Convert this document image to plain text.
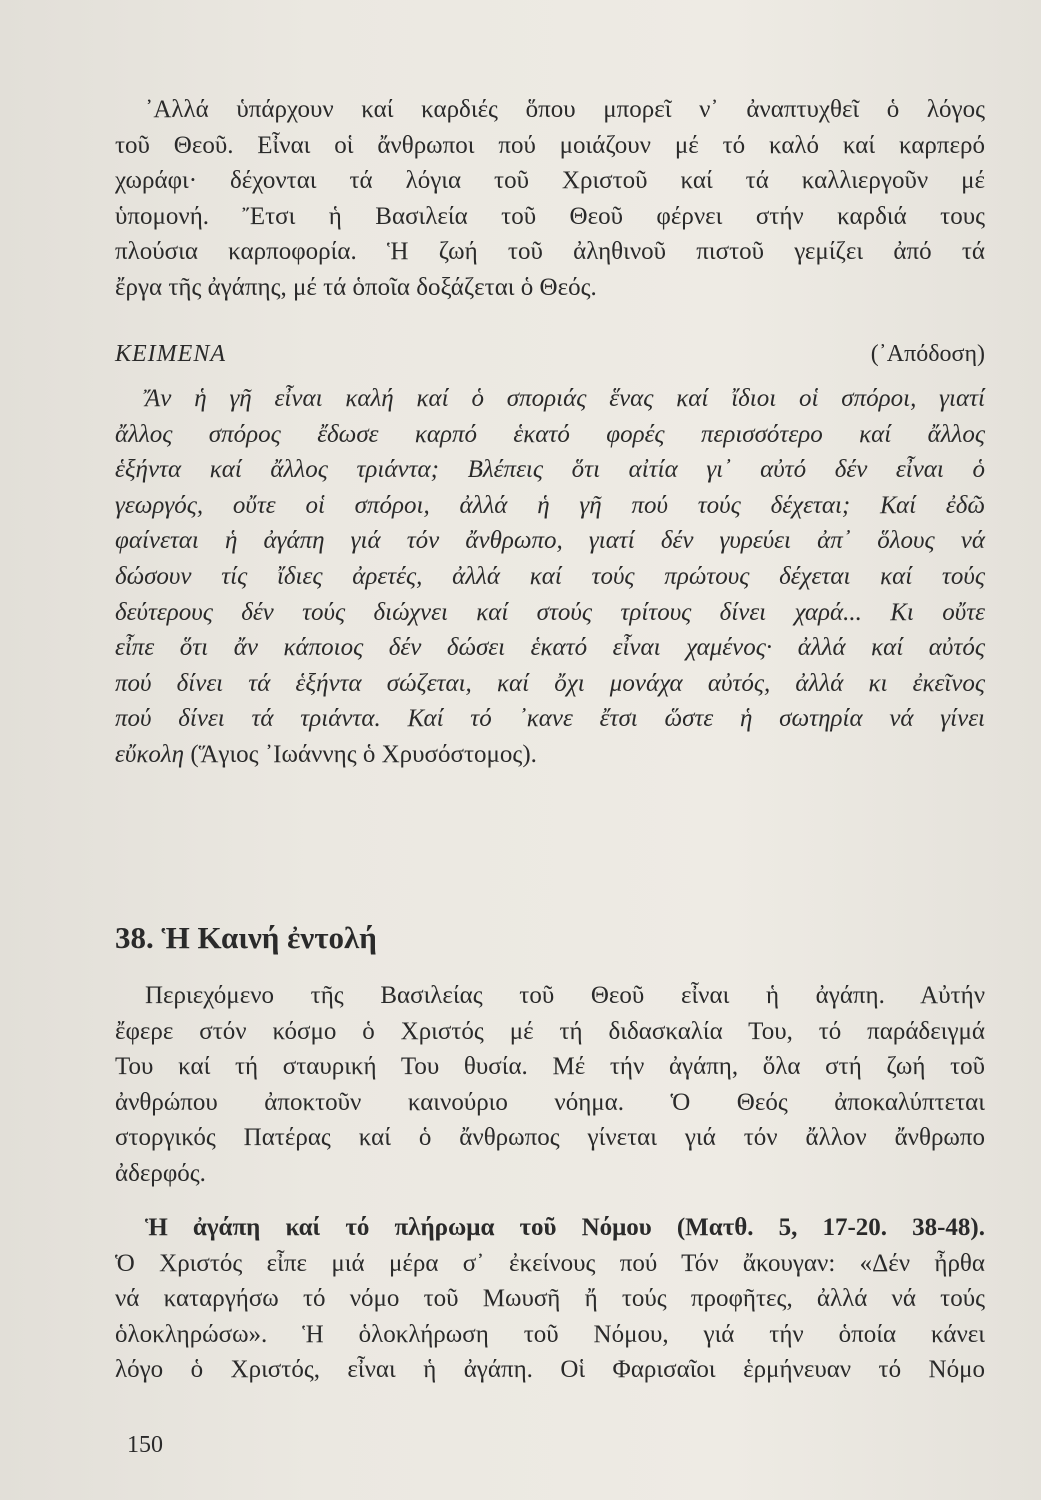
᾿Αλλά ὑπάρχουν καί καρδιές ὅπου μπορεῖ ν᾿ ἀναπτυχθεῖ ὁ λόγος
τοῦ Θεοῦ. Εἶναι οἱ ἄνθρωποι πού μοιάζουν μέ τό καλό καί καρπερό
χωράφι· δέχονται τά λόγια τοῦ Χριστοῦ καί τά καλλιεργοῦν μέ
ὑπομονή. Ἔτσι ἡ Βασιλεία τοῦ Θεοῦ φέρνει στήν καρδιά τους
πλούσια καρποφορία. Ἡ ζωή τοῦ ἀληθινοῦ πιστοῦ γεμίζει ἀπό τά
ἔργα τῆς ἀγάπης, μέ τά ὁποῖα δοξάζεται ὁ Θεός.
ΚΕΙΜΕΝΑ	(᾿Απόδοση)
Ἄν ἡ γῆ εἶναι καλή καί ὁ σποριάς ἕνας καί ἴδιοι οἱ σπόροι, γιατί
ἄλλος σπόρος ἔδωσε καρπό ἑκατό φορές περισσότερο καί ἄλλος
ἑξήντα καί ἄλλος τριάντα; Βλέπεις ὅτι αἰτία γι᾿ αὐτό δέν εἶναι ὁ
γεωργός, οὔτε οἱ σπόροι, ἀλλά ἡ γῆ πού τούς δέχεται; Καί ἐδῶ
φαίνεται ἡ ἀγάπη γιά τόν ἄνθρωπο, γιατί δέν γυρεύει ἀπ᾿ ὅλους νά
δώσουν τίς ἴδιες ἀρετές, ἀλλά καί τούς πρώτους δέχεται καί τούς
δεύτερους δέν τούς διώχνει καί στούς τρίτους δίνει χαρά... Κι οὔτε
εἶπε ὅτι ἄν κάποιος δέν δώσει ἑκατό εἶναι χαμένος· ἀλλά καί αὐτός
πού δίνει τά ἑξήντα σώζεται, καί ὄχι μονάχα αὐτός, ἀλλά κι ἐκεῖνος
πού δίνει τά τριάντα. Καί τό ᾿κανε ἔτσι ὥστε ἡ σωτηρία νά γίνει
εὔκολη (Ἅγιος ᾿Ιωάννης ὁ Χρυσόστομος).
38. Ἡ Καινή ἐντολή
Περιεχόμενο τῆς Βασιλείας τοῦ Θεοῦ εἶναι ἡ ἀγάπη. Αὐτήν
ἔφερε στόν κόσμο ὁ Χριστός μέ τή διδασκαλία Του, τό παράδειγμά
Του καί τή σταυρική Του θυσία. Μέ τήν ἀγάπη, ὅλα στή ζωή τοῦ
ἀνθρώπου ἀποκτοῦν καινούριο νόημα. Ὁ Θεός ἀποκαλύπτεται
στοργικός Πατέρας καί ὁ ἄνθρωπος γίνεται γιά τόν ἄλλον ἄνθρωπο
ἀδερφός.
Ἡ ἀγάπη καί τό πλήρωμα τοῦ Νόμου (Ματθ. 5, 17-20. 38-48).
Ὁ Χριστός εἶπε μιά μέρα σ᾿ ἐκείνους πού Τόν ἄκουγαν: «Δέν ἦρθα
νά καταργήσω τό νόμο τοῦ Μωυσῆ ἤ τούς προφῆτες, ἀλλά νά τούς
ὁλοκληρώσω». Ἡ ὁλοκλήρωση τοῦ Νόμου, γιά τήν ὁποία κάνει
λόγο ὁ Χριστός, εἶναι ἡ ἀγάπη. Οἱ Φαρισαῖοι ἑρμήνευαν τό Νόμο
150
